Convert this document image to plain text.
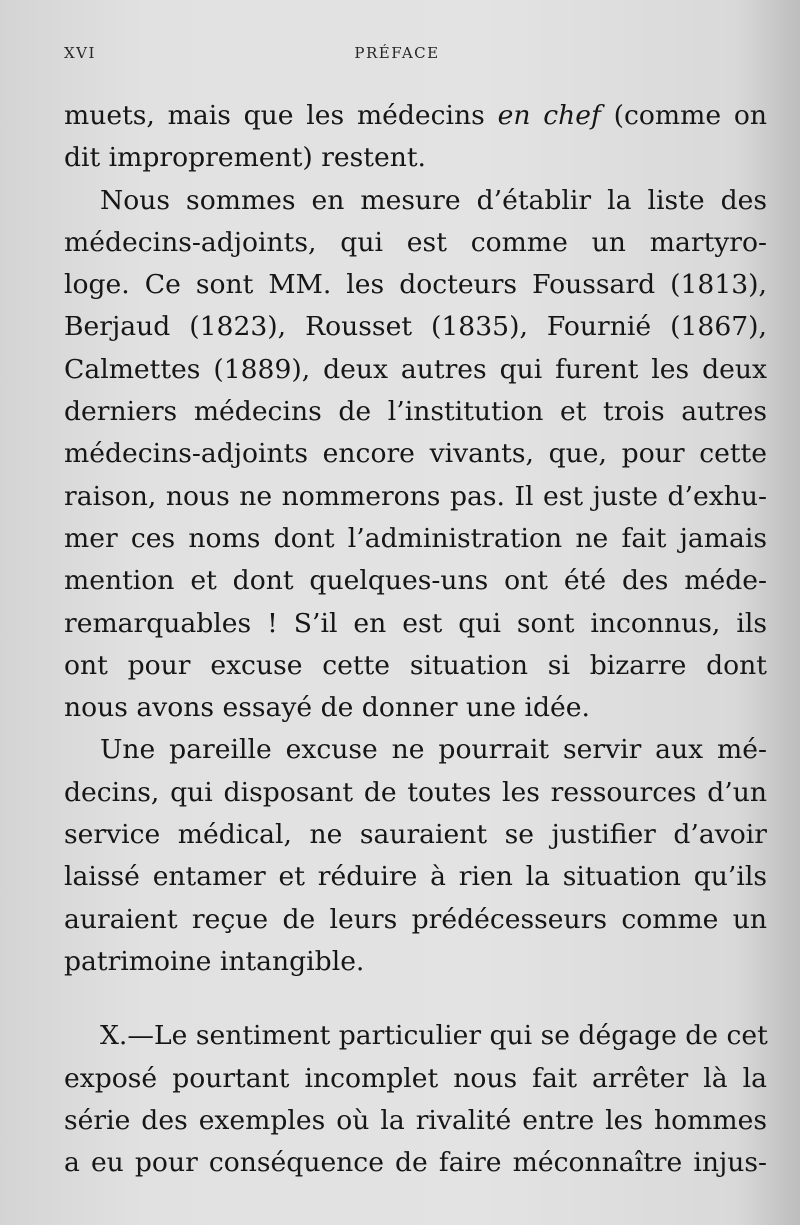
XVI	PRÉFACE
muets, mais que les médecins en chef (comme on
dit improprement) restent.
Nous sommes en mesure d’établir la liste des
médecins-adjoints, qui est comme un martyro-
loge. Ce sont MM. les docteurs Foussard (1813),
Berjaud (1823), Rousset (1835), Fournié (1867),
Calmettes (1889), deux autres qui furent les deux
derniers médecins de l’institution et trois autres
médecins-adjoints encore vivants, que, pour cette
raison, nous ne nommerons pas. Il est juste d’exhu-
mer ces noms dont l’administration ne fait jamais
mention et dont quelques-uns ont été des méde-
remarquables ! S’il en est qui sont inconnus, ils
ont pour excuse cette situation si bizarre dont
nous avons essayé de donner une idée.
Une pareille excuse ne pourrait servir aux mé-
decins, qui disposant de toutes les ressources d’un
service médical, ne sauraient se justifier d’avoir
laissé entamer et réduire à rien la situation qu’ils
auraient reçue de leurs prédécesseurs comme un
patrimoine intangible.
X.—Le sentiment particulier qui se dégage de cet
exposé pourtant incomplet nous fait arrêter là la
série des exemples où la rivalité entre les hommes
a eu pour conséquence de faire méconnaître injus-
